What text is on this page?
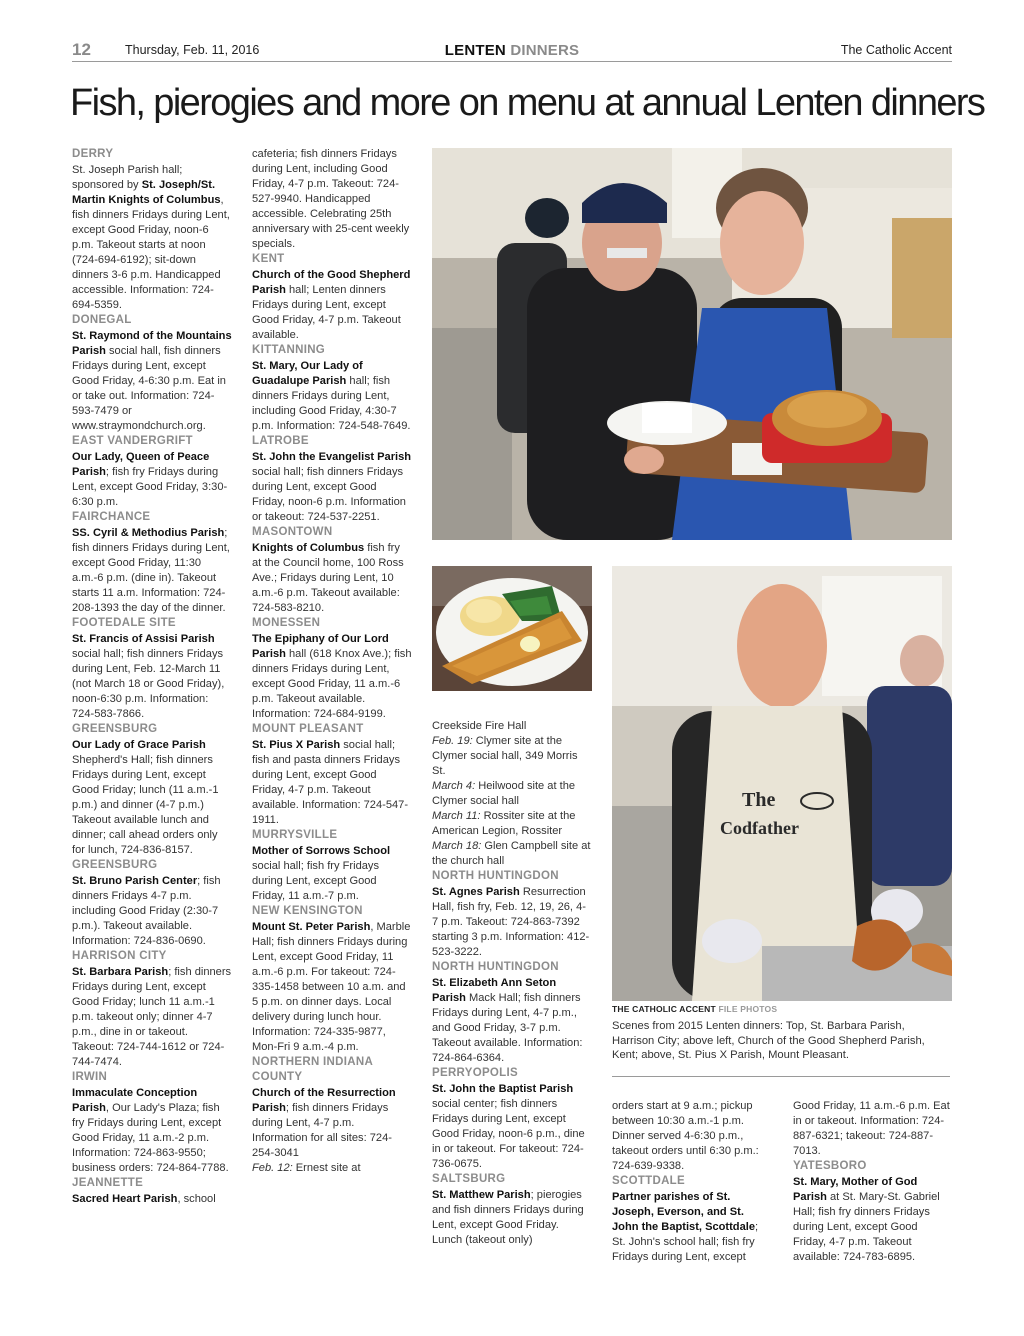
12	Thursday, Feb. 11, 2016	LENTEN DINNERS	The Catholic Accent
Fish, pierogies and more on menu at annual Lenten dinners

DERRY
St. Joseph Parish hall; sponsored by St. Joseph/St. Martin Knights of Columbus, fish dinners Fridays during Lent, except Good Friday, noon-6 p.m. Takeout starts at noon (724-694-6192); sit-down dinners 3-6 p.m. Handicapped accessible. Information: 724-694-5359.

DONEGAL
St. Raymond of the Mountains Parish social hall, fish dinners Fridays during Lent, except Good Friday, 4-6:30 p.m. Eat in or take out. Information: 724-593-7479 or www.straymondchurch.org.

EAST VANDERGRIFT
Our Lady, Queen of Peace Parish; fish fry Fridays during Lent, except Good Friday, 3:30-6:30 p.m.

FAIRCHANCE
SS. Cyril & Methodius Parish; fish dinners Fridays during Lent, except Good Friday, 11:30 a.m.-6 p.m. (dine in). Takeout starts 11 a.m. Information: 724-208-1393 the day of the dinner.

FOOTEDALE SITE
St. Francis of Assisi Parish social hall; fish dinners Fridays during Lent, Feb. 12-March 11 (not March 18 or Good Friday), noon-6:30 p.m. Information: 724-583-7866.

GREENSBURG
Our Lady of Grace Parish Shepherd's Hall; fish dinners Fridays during Lent, except Good Friday; lunch (11 a.m.-1 p.m.) and dinner (4-7 p.m.) Takeout available lunch and dinner; call ahead orders only for lunch, 724-836-8157.

GREENSBURG
St. Bruno Parish Center; fish dinners Fridays 4-7 p.m. including Good Friday (2:30-7 p.m.). Takeout available. Information: 724-836-0690.

HARRISON CITY
St. Barbara Parish; fish dinners Fridays during Lent, except Good Friday; lunch 11 a.m.-1 p.m. takeout only; dinner 4-7 p.m., dine in or takeout. Takeout: 724-744-1612 or 724-744-7474.

IRWIN
Immaculate Conception Parish, Our Lady's Plaza; fish fry Fridays during Lent, except Good Friday, 11 a.m.-2 p.m. Information: 724-863-9550; business orders: 724-864-7788.

JEANNETTE
Sacred Heart Parish, school

cafeteria; fish dinners Fridays during Lent, including Good Friday, 4-7 p.m. Takeout: 724-527-9940. Handicapped accessible. Celebrating 25th anniversary with 25-cent weekly specials.

KENT
Church of the Good Shepherd Parish hall; Lenten dinners Fridays during Lent, except Good Friday, 4-7 p.m. Takeout available.

KITTANNING
St. Mary, Our Lady of Guadalupe Parish hall; fish dinners Fridays during Lent, including Good Friday, 4:30-7 p.m. Information: 724-548-7649.

LATROBE
St. John the Evangelist Parish social hall; fish dinners Fridays during Lent, except Good Friday, noon-6 p.m. Information or takeout: 724-537-2251.

MASONTOWN
Knights of Columbus fish fry at the Council home, 100 Ross Ave.; Fridays during Lent, 10 a.m.-6 p.m. Takeout available: 724-583-8210.

MONESSEN
The Epiphany of Our Lord Parish hall (618 Knox Ave.); fish dinners Fridays during Lent, except Good Friday, 11 a.m.-6 p.m. Takeout available. Information: 724-684-9199.

MOUNT PLEASANT
St. Pius X Parish social hall; fish and pasta dinners Fridays during Lent, except Good Friday, 4-7 p.m. Takeout available. Information: 724-547-1911.

MURRYSVILLE
Mother of Sorrows School social hall; fish fry Fridays during Lent, except Good Friday, 11 a.m.-7 p.m.

NEW KENSINGTON
Mount St. Peter Parish, Marble Hall; fish dinners Fridays during Lent, except Good Friday, 11 a.m.-6 p.m. For takeout: 724-335-1458 between 10 a.m. and 5 p.m. on dinner days. Local delivery during lunch hour. Information: 724-335-9877, Mon-Fri 9 a.m.-4 p.m.

NORTHERN INDIANA COUNTY
Church of the Resurrection Parish; fish dinners Fridays during Lent, 4-7 p.m. Information for all sites: 724-254-3041

Feb. 12: Ernest site at

Creekside Fire Hall

Feb. 19: Clymer site at the Clymer social hall, 349 Morris St.

March 4: Heilwood site at the Clymer social hall

March 11: Rossiter site at the American Legion, Rossiter

March 18: Glen Campbell site at the church hall

NORTH HUNTINGDON
St. Agnes Parish Resurrection Hall, fish fry, Feb. 12, 19, 26, 4-7 p.m. Takeout: 724-863-7392 starting 3 p.m. Information: 412-523-3222.

NORTH HUNTINGDON
St. Elizabeth Ann Seton Parish Mack Hall; fish dinners Fridays during Lent, 4-7 p.m., and Good Friday, 3-7 p.m. Takeout available. Information: 724-864-6364.

PERRYOPOLIS
St. John the Baptist Parish social center; fish dinners Fridays during Lent, except Good Friday, noon-6 p.m., dine in or takeout. For takeout: 724-736-0675.

SALTSBURG
St. Matthew Parish; pierogies and fish dinners Fridays during Lent, except Good Friday. Lunch (takeout only)

orders start at 9 a.m.; pickup between 10:30 a.m.-1 p.m. Dinner served 4-6:30 p.m., takeout orders until 6:30 p.m.: 724-639-9338.

SCOTTDALE
Partner parishes of St. Joseph, Everson, and St. John the Baptist, Scottdale; St. John's school hall; fish fry Fridays during Lent, except

Good Friday, 11 a.m.-6 p.m. Eat in or takeout. Information: 724-887-6321; takeout: 724-887-7013.

YATESBORO
St. Mary, Mother of God Parish at St. Mary-St. Gabriel Hall; fish fry dinners Fridays during Lent, except Good Friday, 4-7 p.m. Takeout available: 724-783-6895.

The
Codfather
THE CATHOLIC ACCENT FILE PHOTOS
Scenes from 2015 Lenten dinners: Top, St. Barbara Parish, Harrison City; above left, Church of the Good Shepherd Parish, Kent; above, St. Pius X Parish, Mount Pleasant.
